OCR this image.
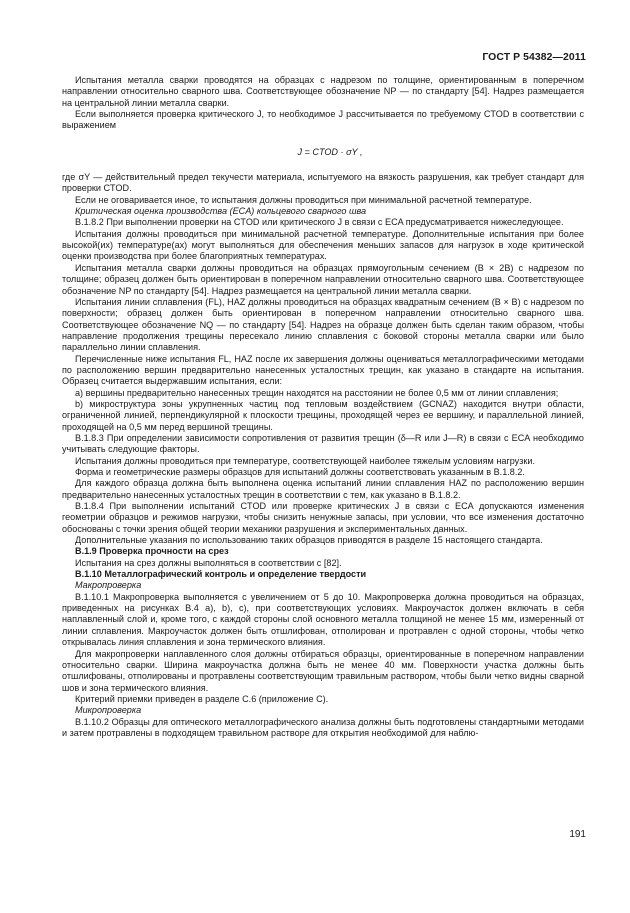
ГОСТ Р 54382—2011

Испытания металла сварки проводятся на образцах с надрезом по толщине, ориентированным в поперечном направлении относительно сварного шва. Соответствующее обозначение NP — по стандарту [54]. Надрез размещается на центральной линии металла сварки.

Если выполняется проверка критического J, то необходимое J рассчитывается по требуемому CTOD в соответствии с выражением

J = CTOD · σY ,

где σY — действительный предел текучести материала, испытуемого на вязкость разрушения, как требует стандарт для проверки CTOD.

Если не оговаривается иное, то испытания должны проводиться при минимальной расчетной температуре.

Критическая оценка производства (ECA) кольцевого сварного шва

В.1.8.2 При выполнении проверки на CTOD или критического J в связи с ECA предусматривается нижеследующее.

Испытания должны проводиться при минимальной расчетной температуре. Дополнительные испытания при более высокой(их) температуре(ах) могут выполняться для обеспечения меньших запасов для нагрузок в ходе критической оценки производства при более благоприятных температурах.

Испытания металла сварки должны проводиться на образцах прямоугольным сечением (B × 2B) с надрезом по толщине; образец должен быть ориентирован в поперечном направлении относительно сварного шва. Соответствующее обозначение NP по стандарту [54]. Надрез размещается на центральной линии металла сварки.

Испытания линии сплавления (FL), HAZ должны проводиться на образцах квадратным сечением (B × B) с надрезом по поверхности; образец должен быть ориентирован в поперечном направлении относительно сварного шва. Соответствующее обозначение NQ — по стандарту [54]. Надрез на образце должен быть сделан таким образом, чтобы направление продолжения трещины пересекало линию сплавления с боковой стороны металла сварки или было параллельно линии сплавления.

Перечисленные ниже испытания FL, HAZ после их завершения должны оцениваться металлографическими методами по расположению вершин предварительно нанесенных усталостных трещин, как указано в стандарте на испытания. Образец считается выдержавшим испытания, если:

a) вершины предварительно нанесенных трещин находятся на расстоянии не более 0,5 мм от линии сплавления;

b) микроструктура зоны укрупненных частиц под тепловым воздействием (GCNAZ) находится внутри области, ограниченной линией, перпендикулярной к плоскости трещины, проходящей через ее вершину, и параллельной линией, проходящей на 0,5 мм перед вершиной трещины.

В.1.8.3 При определении зависимости сопротивления от развития трещин (δ—R или J—R) в связи с ECA необходимо учитывать следующие факторы.

Испытания должны проводиться при температуре, соответствующей наиболее тяжелым условиям нагрузки.

Форма и геометрические размеры образцов для испытаний должны соответствовать указанным в В.1.8.2.

Для каждого образца должна быть выполнена оценка испытаний линии сплавления HAZ по расположению вершин предварительно нанесенных усталостных трещин в соответствии с тем, как указано в В.1.8.2.

В.1.8.4 При выполнении испытаний CTOD или проверке критических J в связи с ECA допускаются изменения геометрии образцов и режимов нагрузки, чтобы снизить ненужные запасы, при условии, что все изменения достаточно обоснованы с точки зрения общей теории механики разрушения и экспериментальных данных.

Дополнительные указания по использованию таких образцов приводятся в разделе 15 настоящего стандарта.

В.1.9 Проверка прочности на срез

Испытания на срез должны выполняться в соответствии с [82].

В.1.10 Металлографический контроль и определение твердости

Макропроверка

В.1.10.1 Макропроверка выполняется с увеличением от 5 до 10. Макропроверка должна проводиться на образцах, приведенных на рисунках В.4 а), b), с), при соответствующих условиях. Макроучасток должен включать в себя наплавленный слой и, кроме того, с каждой стороны слой основного металла толщиной не менее 15 мм, измеренный от линии сплавления. Макроучасток должен быть отшлифован, отполирован и протравлен с одной стороны, чтобы четко открывалась линия сплавления и зона термического влияния.

Для макропроверки наплавленного слоя должны отбираться образцы, ориентированные в поперечном направлении относительно сварки. Ширина макроучастка должна быть не менее 40 мм. Поверхности участка должны быть отшлифованы, отполированы и протравлены соответствующим травильным раствором, чтобы были четко видны сварной шов и зона термического влияния.

Критерий приемки приведен в разделе С.6 (приложение С).

Микропроверка

В.1.10.2 Образцы для оптического металлографического анализа должны быть подготовлены стандартными методами и затем протравлены в подходящем травильном растворе для открытия необходимой для наблю-

191
